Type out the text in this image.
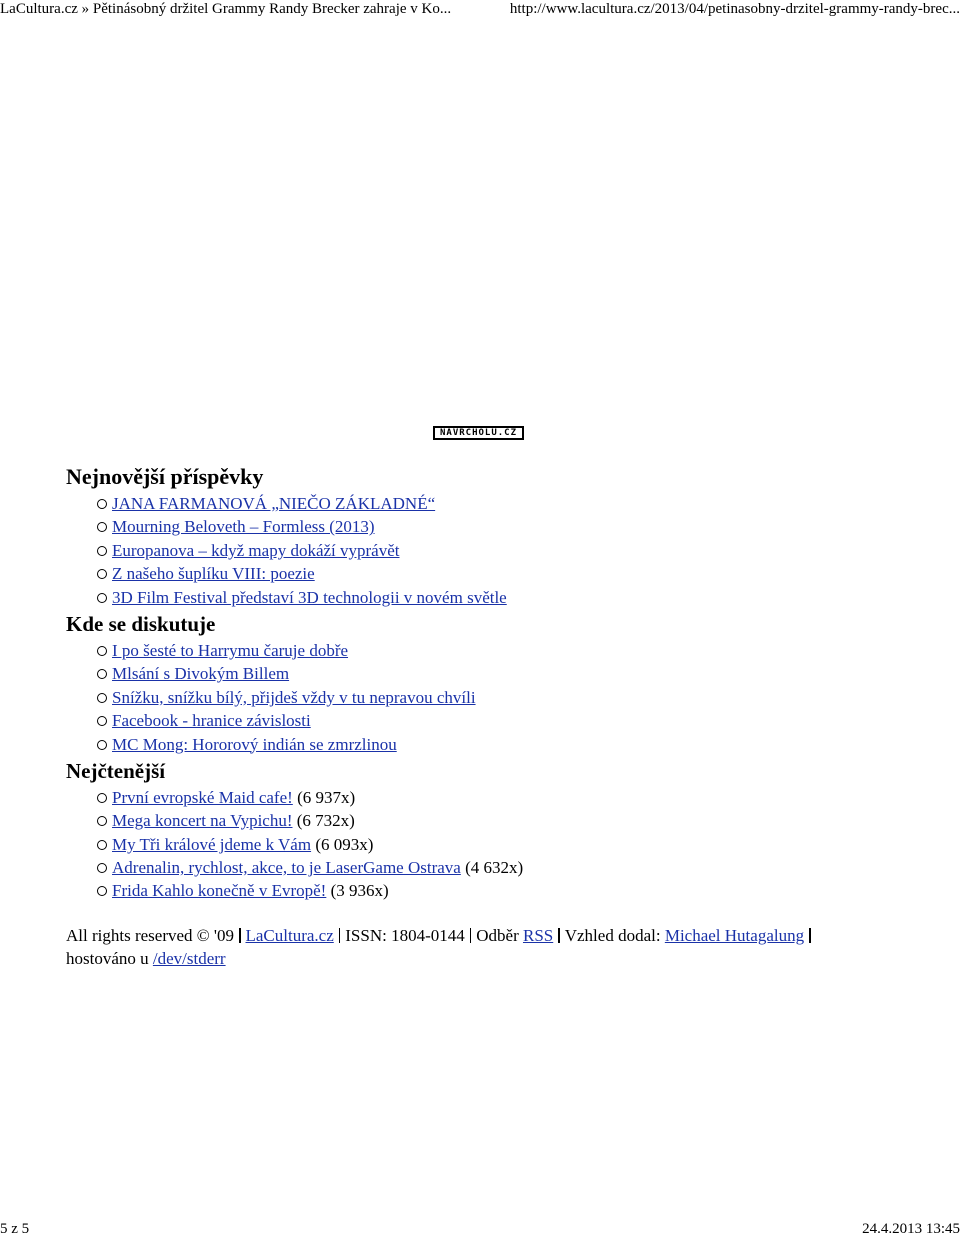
LaCultura.cz » Pětinásobný držitel Grammy Randy Brecker zahraje v Ko...	http://www.lacultura.cz/2013/04/petinasobny-drzitel-grammy-randy-brec...
NAVRCHOLU.CZ
Nejnovější příspěvky
JANA FARMANOVÁ „NIEČO ZÁKLADNÉ“
Mourning Beloveth – Formless (2013)
Europanova – když mapy dokáží vyprávět
Z našeho šuplíku VIII: poezie
3D Film Festival představí 3D technologii v novém světle
Kde se diskutuje
I po šesté to Harrymu čaruje dobře
Mlsání s Divokým Billem
Snížku, snížku bílý, přijdeš vždy v tu nepravou chvíli
Facebook - hranice závislosti
MC Mong: Hororový indián se zmrzlinou
Nejčtenější
První evropské Maid cafe! (6 937x)
Mega koncert na Vypichu! (6 732x)
My Tři králové jdeme k Vám (6 093x)
Adrenalin, rychlost, akce, to je LaserGame Ostrava (4 632x)
Frida Kahlo konečně v Evropě! (3 936x)
All rights reserved © '09 LaCultura.cz ISSN: 1804-0144 Odběr RSS Vzhled dodal: Michael Hutagalung
hostováno u /dev/stderr
5 z 5	24.4.2013 13:45
